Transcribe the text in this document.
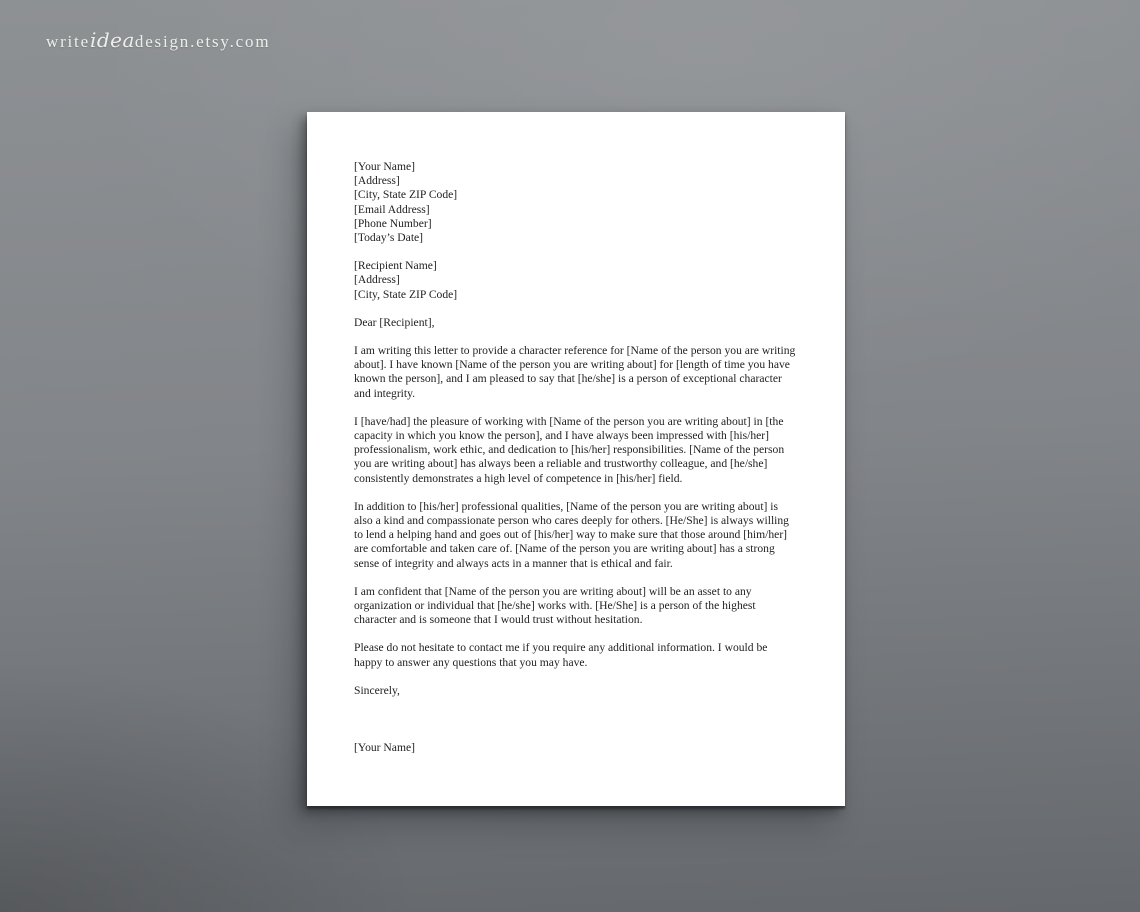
writeideadesign.etsy.com
[Your Name]
[Address]
[City, State ZIP Code]
[Email Address]
[Phone Number]
[Today’s Date]
[Recipient Name]
[Address]
[City, State ZIP Code]
Dear [Recipient],

I am writing this letter to provide a character reference for [Name of the person you are writing about]. I have known [Name of the person you are writing about] for [length of time you have known the person], and I am pleased to say that [he/she] is a person of exceptional character and integrity.

I [have/had] the pleasure of working with [Name of the person you are writing about] in [the capacity in which you know the person], and I have always been impressed with [his/her] professionalism, work ethic, and dedication to [his/her] responsibilities. [Name of the person you are writing about] has always been a reliable and trustworthy colleague, and [he/she] consistently demonstrates a high level of competence in [his/her] field.

In addition to [his/her] professional qualities, [Name of the person you are writing about] is also a kind and compassionate person who cares deeply for others. [He/She] is always willing to lend a helping hand and goes out of [his/her] way to make sure that those around [him/her] are comfortable and taken care of. [Name of the person you are writing about] has a strong sense of integrity and always acts in a manner that is ethical and fair.

I am confident that [Name of the person you are writing about] will be an asset to any organization or individual that [he/she] works with. [He/She] is a person of the highest character and is someone that I would trust without hesitation.

Please do not hesitate to contact me if you require any additional information. I would be happy to answer any questions that you may have.

Sincerely,
[Your Name]
